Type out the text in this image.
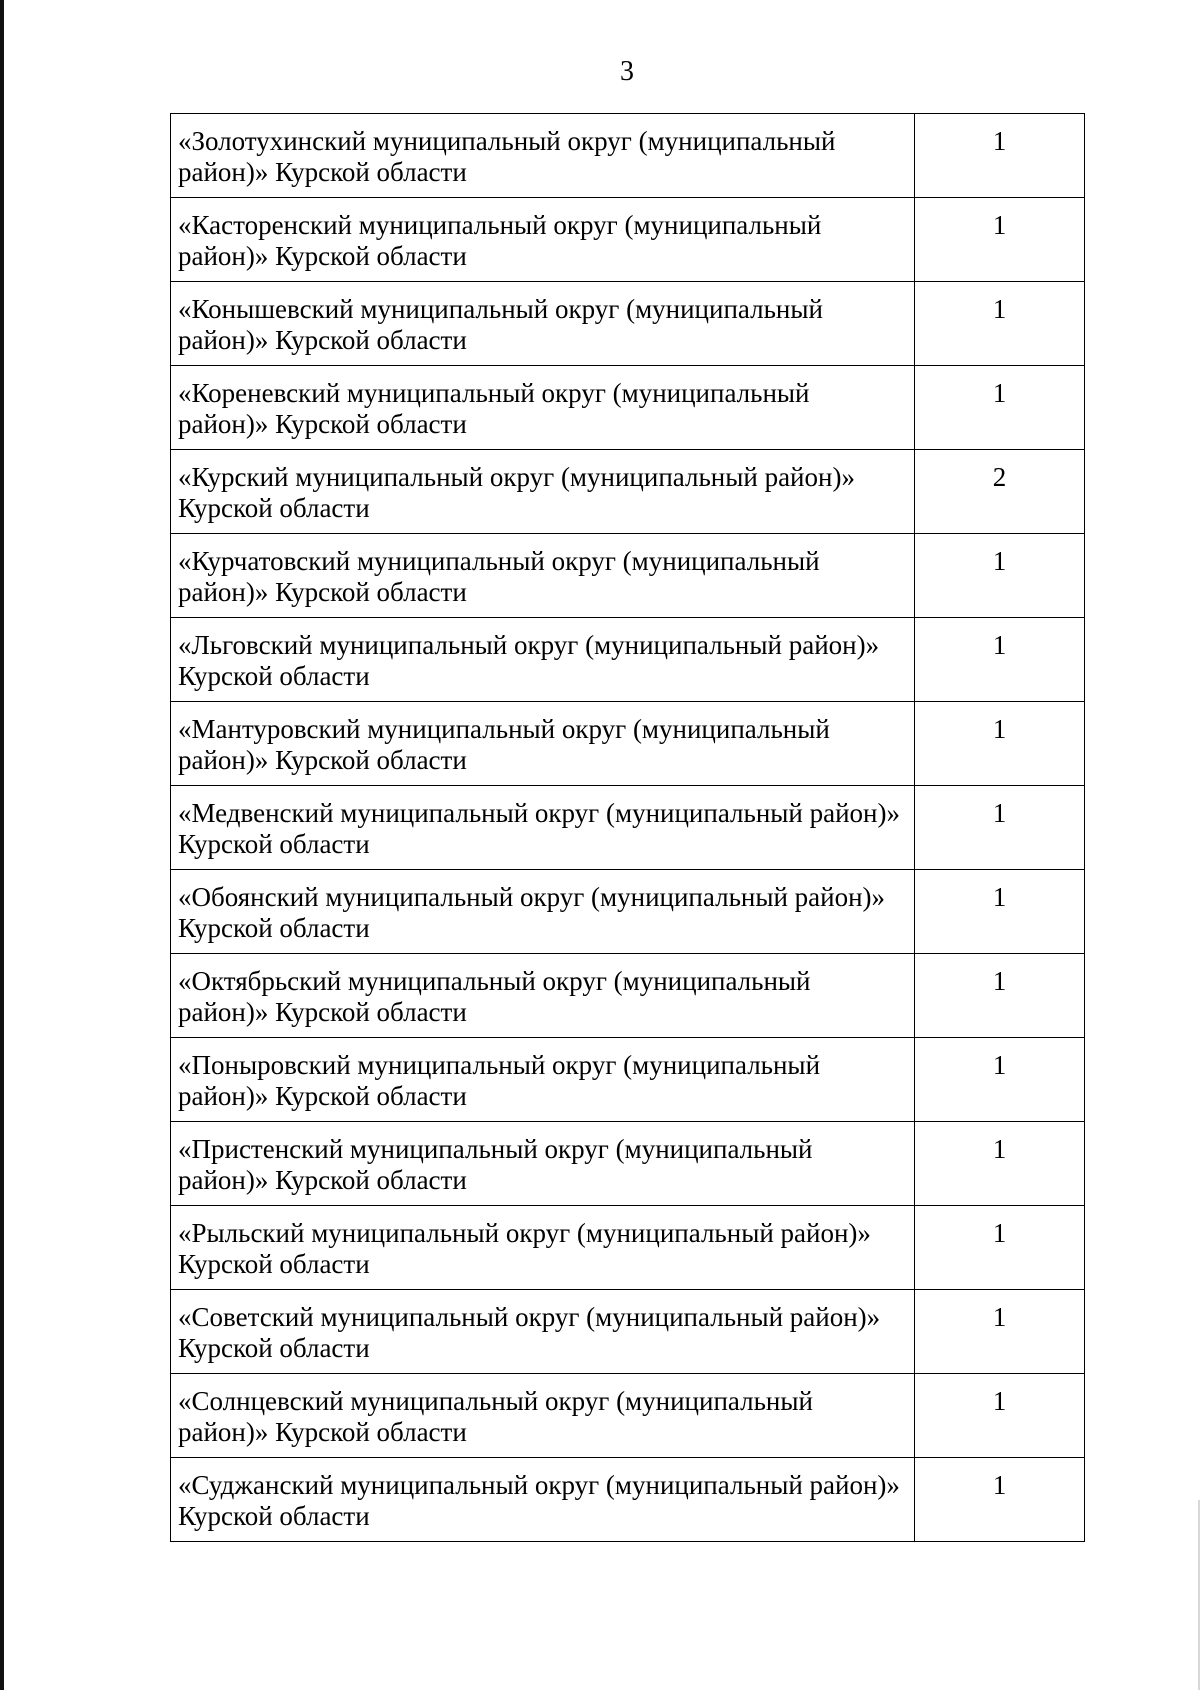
3
«Золотухинский муниципальный округ (муниципальный район)» Курской области	1

«Касторенский муниципальный округ (муниципальный район)» Курской области	1

«Конышевский муниципальный округ (муниципальный район)» Курской области	1

«Кореневский муниципальный округ (муниципальный район)» Курской области	1

«Курский муниципальный округ (муниципальный район)» Курской области	2

«Курчатовский муниципальный округ (муниципальный район)» Курской области	1

«Льговский муниципальный округ (муниципальный район)» Курской области	1

«Мантуровский муниципальный округ (муниципальный район)» Курской области	1

«Медвенский муниципальный округ (муниципальный район)» Курской области	1

«Обоянский муниципальный округ (муниципальный район)» Курской области	1

«Октябрьский муниципальный округ (муниципальный район)» Курской области	1

«Поныровский муниципальный округ (муниципальный район)» Курской области	1

«Пристенский муниципальный округ (муниципальный район)» Курской области	1

«Рыльский муниципальный округ (муниципальный район)» Курской области	1

«Советский муниципальный округ (муниципальный район)» Курской области	1

«Солнцевский муниципальный округ (муниципальный район)» Курской области	1

«Суджанский муниципальный округ (муниципальный район)» Курской области	1
